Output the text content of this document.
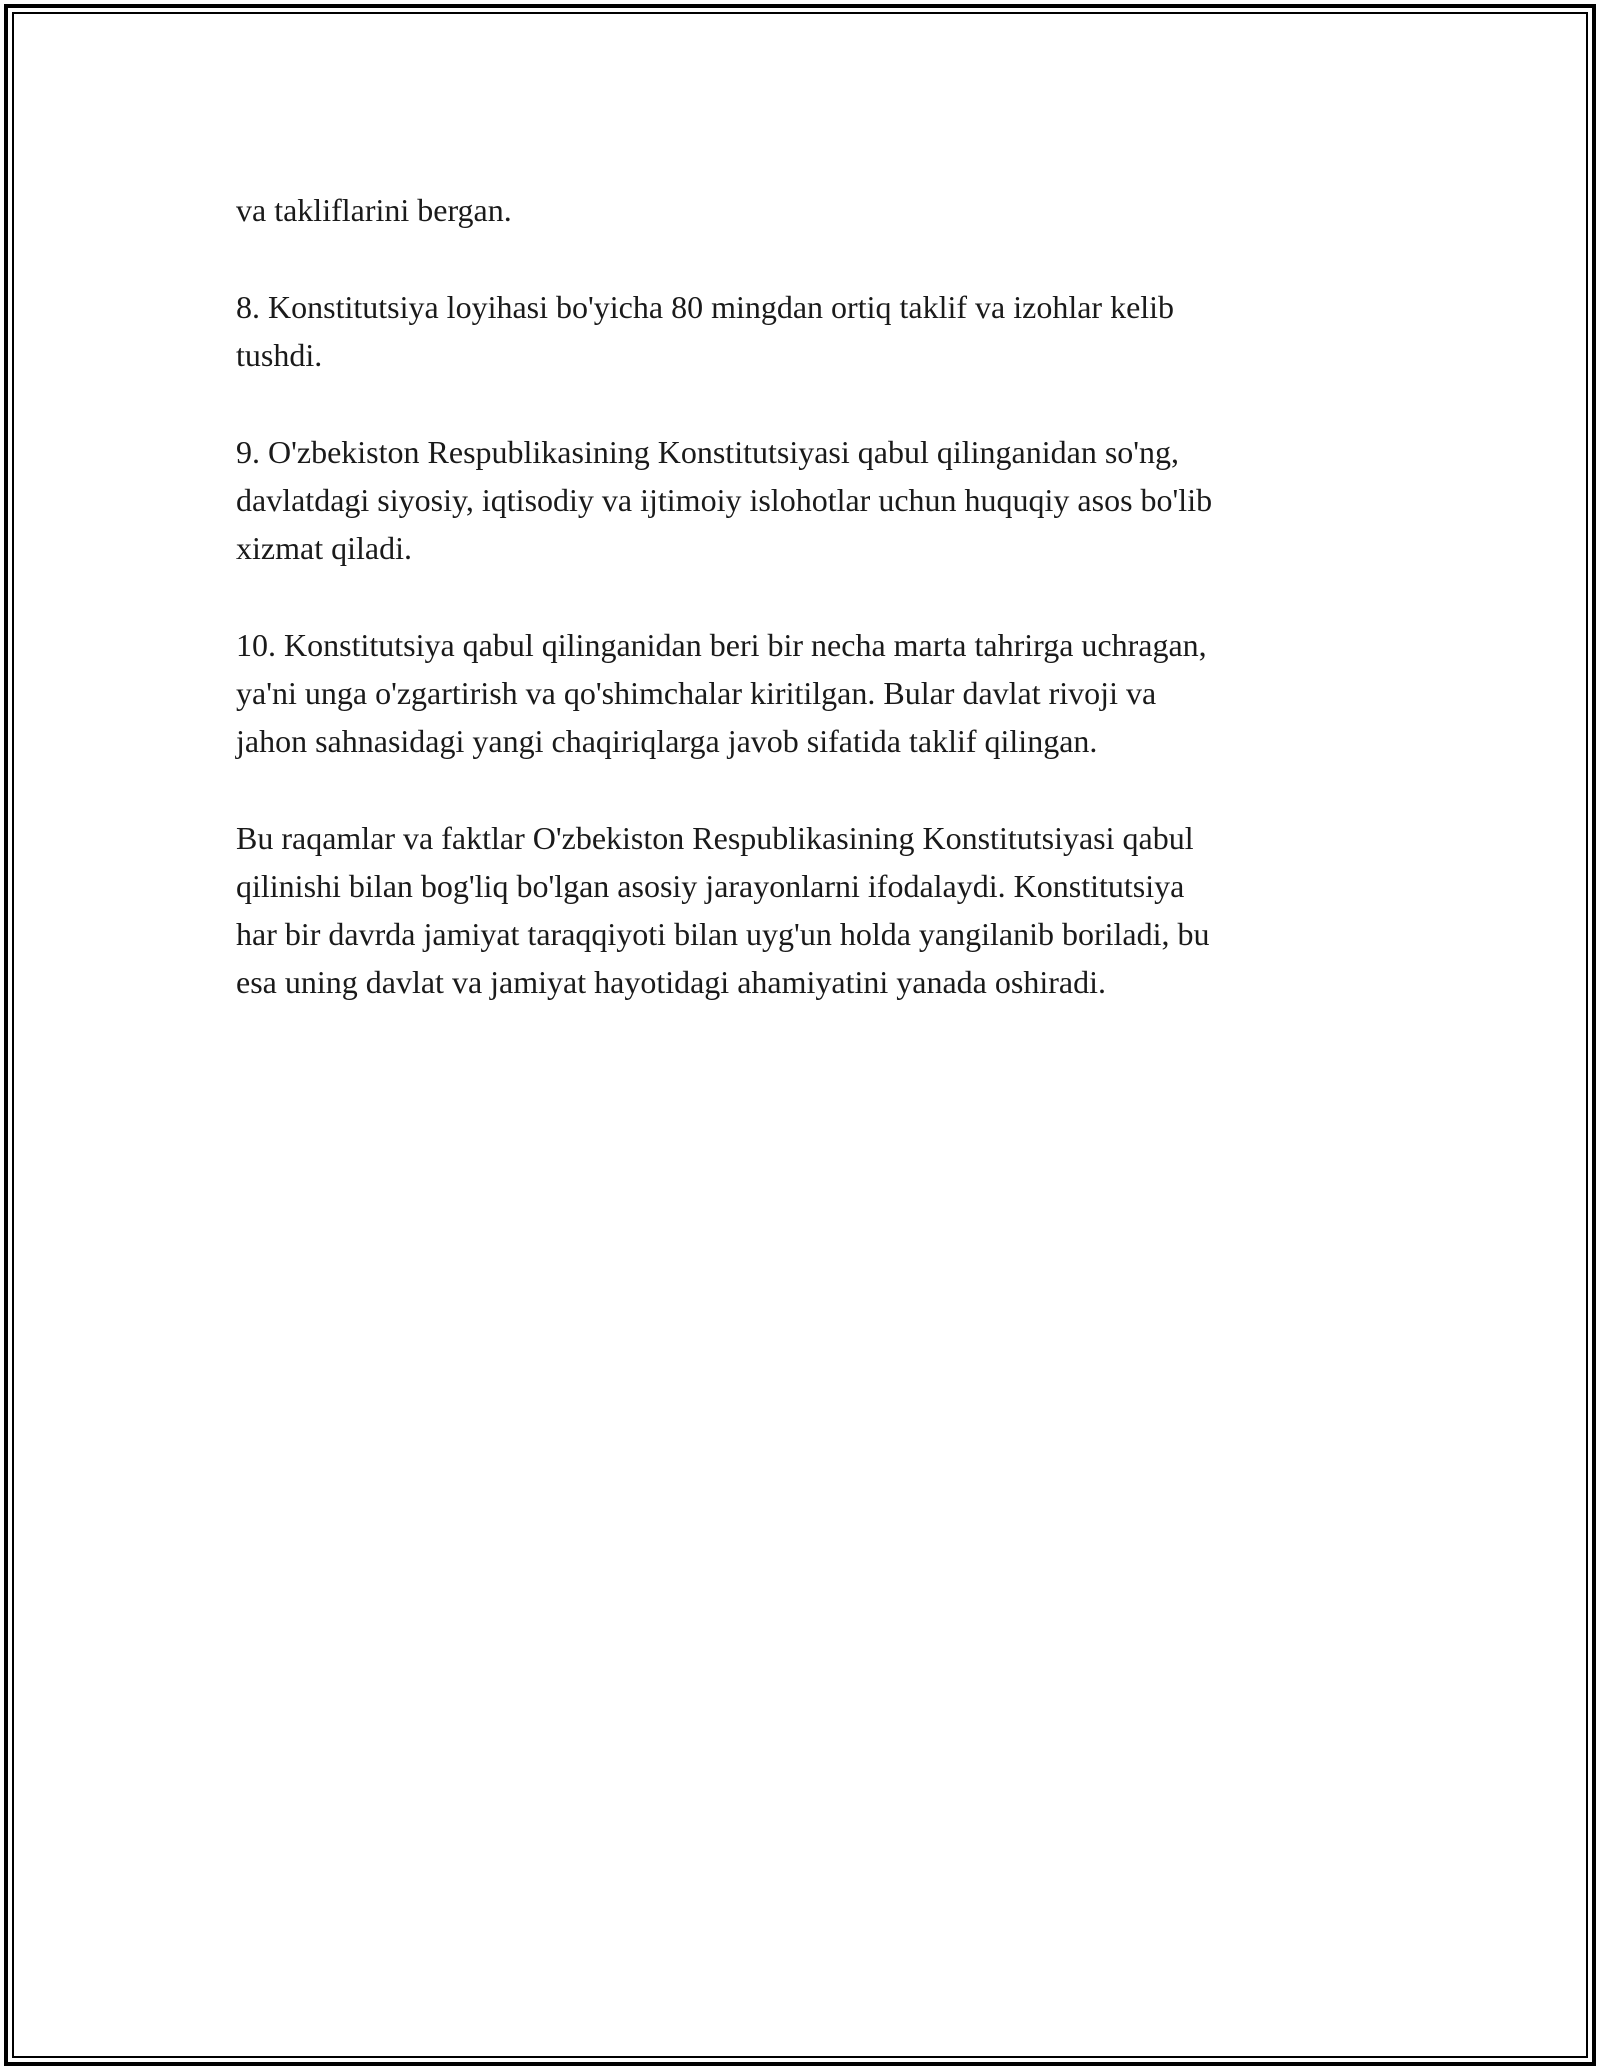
va takliflarini bergan.

8. Konstitutsiya loyihasi bo'yicha 80 mingdan ortiq taklif va izohlar kelib
tushdi.

9. O'zbekiston Respublikasining Konstitutsiyasi qabul qilinganidan so'ng,
davlatdagi siyosiy, iqtisodiy va ijtimoiy islohotlar uchun huquqiy asos bo'lib
xizmat qiladi.

10. Konstitutsiya qabul qilinganidan beri bir necha marta tahrirga uchragan,
ya'ni unga o'zgartirish va qo'shimchalar kiritilgan. Bular davlat rivoji va
jahon sahnasidagi yangi chaqiriqlarga javob sifatida taklif qilingan.

Bu raqamlar va faktlar O'zbekiston Respublikasining Konstitutsiyasi qabul
qilinishi bilan bog'liq bo'lgan asosiy jarayonlarni ifodalaydi. Konstitutsiya
har bir davrda jamiyat taraqqiyoti bilan uyg'un holda yangilanib boriladi, bu
esa uning davlat va jamiyat hayotidagi ahamiyatini yanada oshiradi.
